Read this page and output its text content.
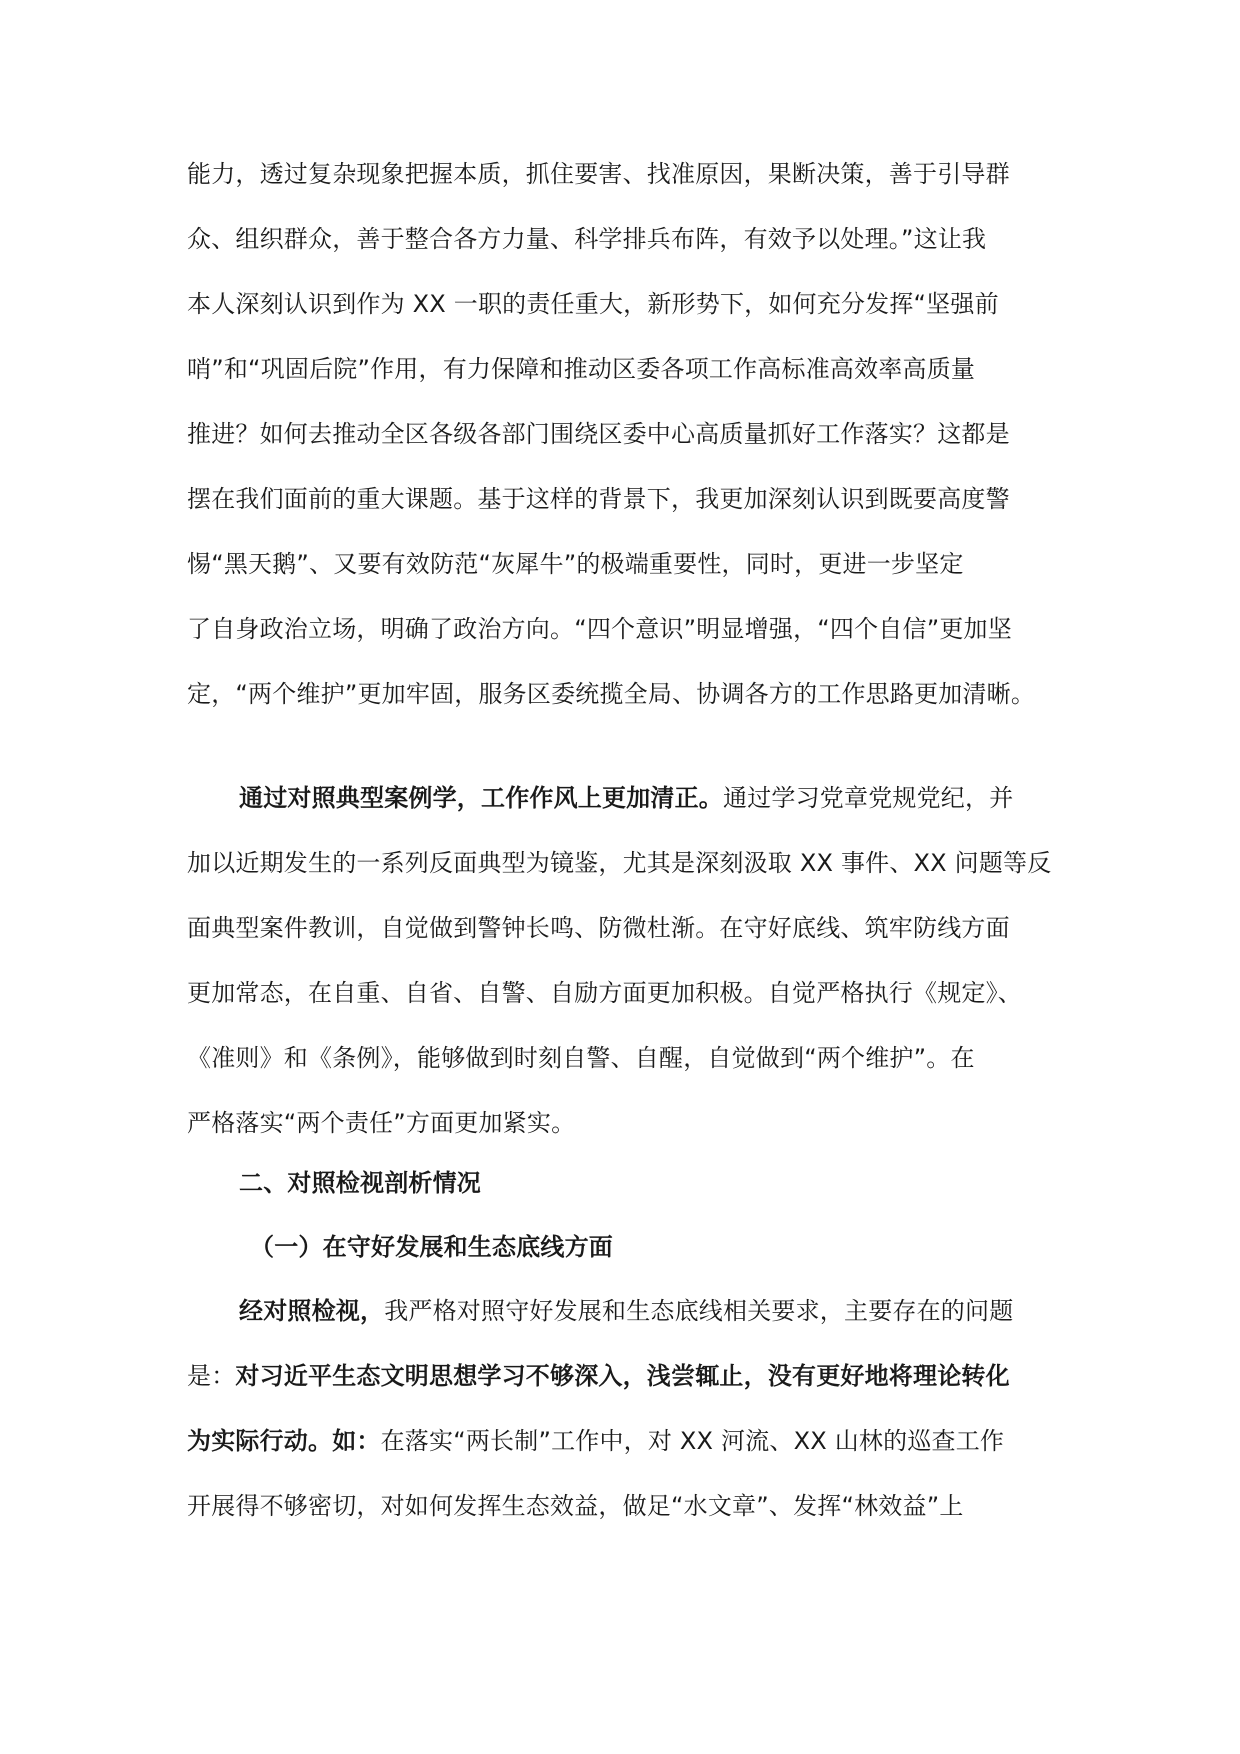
能力，透过复杂现象把握本质，抓住要害、找准原因，果断决策，善于引导群
众、组织群众，善于整合各方力量、科学排兵布阵，有效予以处理。”这让我
本人深刻认识到作为 XX 一职的责任重大，新形势下，如何充分发挥“坚强前
哨”和“巩固后院”作用，有力保障和推动区委各项工作高标准高效率高质量
推进？如何去推动全区各级各部门围绕区委中心高质量抓好工作落实？这都是
摆在我们面前的重大课题。基于这样的背景下，我更加深刻认识到既要高度警
惕“黑天鹅”、又要有效防范“灰犀牛”的极端重要性，同时，更进一步坚定
了自身政治立场，明确了政治方向。“四个意识”明显增强，“四个自信”更加坚
定，“两个维护”更加牢固，服务区委统揽全局、协调各方的工作思路更加清晰。
通过对照典型案例学，工作作风上更加清正。通过学习党章党规党纪，并
加以近期发生的一系列反面典型为镜鉴，尤其是深刻汲取 XX 事件、XX 问题等反
面典型案件教训，自觉做到警钟长鸣、防微杜渐。在守好底线、筑牢防线方面
更加常态，在自重、自省、自警、自励方面更加积极。自觉严格执行《规定》、
《准则》和《条例》，能够做到时刻自警、自醒，自觉做到“两个维护”。在
严格落实“两个责任”方面更加紧实。
二、对照检视剖析情况
（一）在守好发展和生态底线方面
经对照检视，我严格对照守好发展和生态底线相关要求，主要存在的问题
是：对习近平生态文明思想学习不够深入，浅尝辄止，没有更好地将理论转化
为实际行动。如：在落实“两长制”工作中，对 XX 河流、XX 山林的巡查工作
开展得不够密切，对如何发挥生态效益，做足“水文章”、发挥“林效益”上
